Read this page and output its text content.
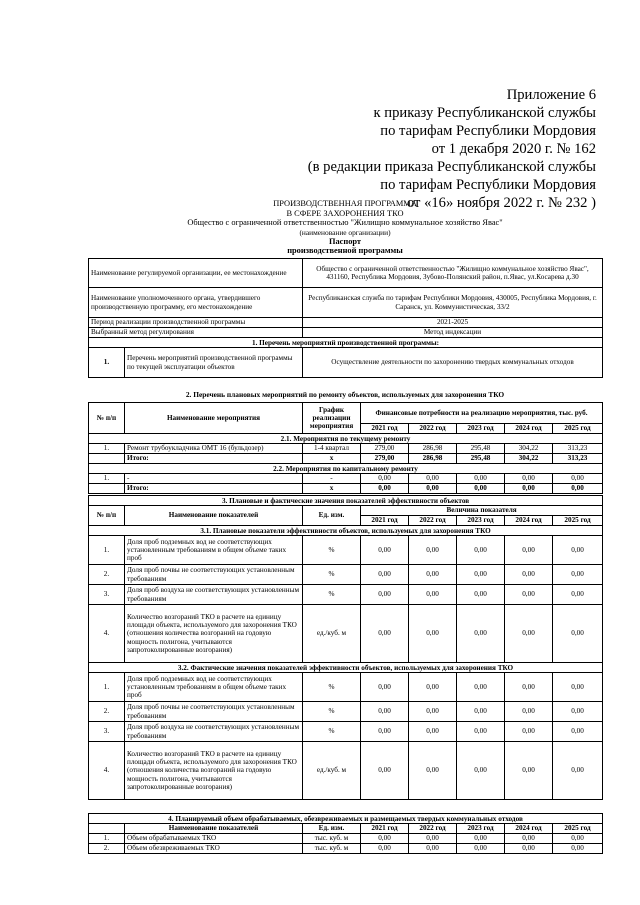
Приложение 6
к приказу Республиканской службы
по тарифам Республики Мордовия
от 1 декабря 2020 г. № 162
(в редакции приказа Республиканской службы
по тарифам Республики Мордовия
от «16» ноября 2022 г. № 232 )
ПРОИЗВОДСТВЕННАЯ ПРОГРАММА
В СФЕРЕ ЗАХОРОНЕНИЯ ТКО
Общество с ограниченной ответственностью "Жилищно коммунальное хозяйство Явас"
(наименование организации)
Паспорт
производственной программы
Наименование регулируемой организации, ее местонахождение		Общество с ограниченной ответственностью "Жилищно коммунальное хозяйство Явас", 431160, Республика Мордовия, Зубово-Полянский район, п.Явас, ул.Косарева д.30
Наименование уполномоченного органа, утвердившего производственную программу, его местонахождение		Республиканская служба по тарифам Республики Мордовия, 430005, Республика Мордовия, г. Саранск, ул. Коммунистическая, 33/2
Период реализации производственной программы		2021-2025
Выбранный метод регулирования		Метод индексации
1. Перечень мероприятий производственной программы:		
1.	Перечень мероприятий производственной программы по текущей эксплуатации объектов	Осуществление деятельности по захоронению твердых коммунальных отходов
2. Перечень плановых мероприятий по ремонту объектов, используемых для захоронения ТКО
№ п/п	Наименование мероприятия	График реализации мероприятия	Финансовые потребности на реализацию мероприятия, тыс. руб.				
			2021 год	2022 год	2023 год	2024 год	2025 год
2.1. Мероприятия по текущему ремонту							
1.	Ремонт трубоукладчика ОМТ 16 (бульдозер)	1-4 квартал	279,00	286,98	295,48	304,22	313,23
	Итого:	х	279,00	286,98	295,48	304,22	313,23
2.2. Мероприятия по капитальному ремонту							
1.	-	-	0,00	0,00	0,00	0,00	0,00
	Итого:	х	0,00	0,00	0,00	0,00	0,00
3. Плановые и фактические значения показателей эффективности объектов							
№ п/п	Наименование показателей	Ед. изм.	Величина показателя				
			2021 год	2022 год	2023 год	2024 год	2025 год
3.1. Плановые показатели эффективности объектов, используемых для захоронения ТКО							
1.	Доля проб подземных вод не соответствующих установленным требованиям в общем объеме таких проб	%	0,00	0,00	0,00	0,00	0,00
2.	Доля проб почвы не соответствующих установленным требованиям	%	0,00	0,00	0,00	0,00	0,00
3.	Доля проб воздуха не соответствующих установленным требованиям	%	0,00	0,00	0,00	0,00	0,00
4.	Количество возгораний ТКО в расчете на единицу площади объекта, используемого для захоронения ТКО (отношения количества возгораний на годовую мощность полигона, учитываются запротоколированные возгорания)	ед./куб. м	0,00	0,00	0,00	0,00	0,00
3.2. Фактические значения показателей эффективности объектов, используемых для захоронения ТКО							
1.	Доля проб подземных вод не соответствующих установленным требованиям в общем объеме таких проб	%	0,00	0,00	0,00	0,00	0,00
2.	Доля проб почвы не соответствующих установленным требованиям	%	0,00	0,00	0,00	0,00	0,00
3.	Доля проб воздуха не соответствующих установленным требованиям	%	0,00	0,00	0,00	0,00	0,00
4.	Количество возгораний ТКО в расчете на единицу площади объекта, используемого для захоронения ТКО (отношения количества возгораний на годовую мощность полигона, учитываются запротоколированные возгорания)	ед./куб. м	0,00	0,00	0,00	0,00	0,00
4. Планируемый объем обрабатываемых, обезвреживаемых и размещаемых твердых коммунальных отходов							
	Наименование показателей	Ед. изм.	2021 год	2022 год	2023 год	2024 год	2025 год
1.	Объем обрабатываемых ТКО	тыс. куб. м	0,00	0,00	0,00	0,00	0,00
2.	Объем обезвреживаемых ТКО	тыс. куб. м	0,00	0,00	0,00	0,00	0,00
